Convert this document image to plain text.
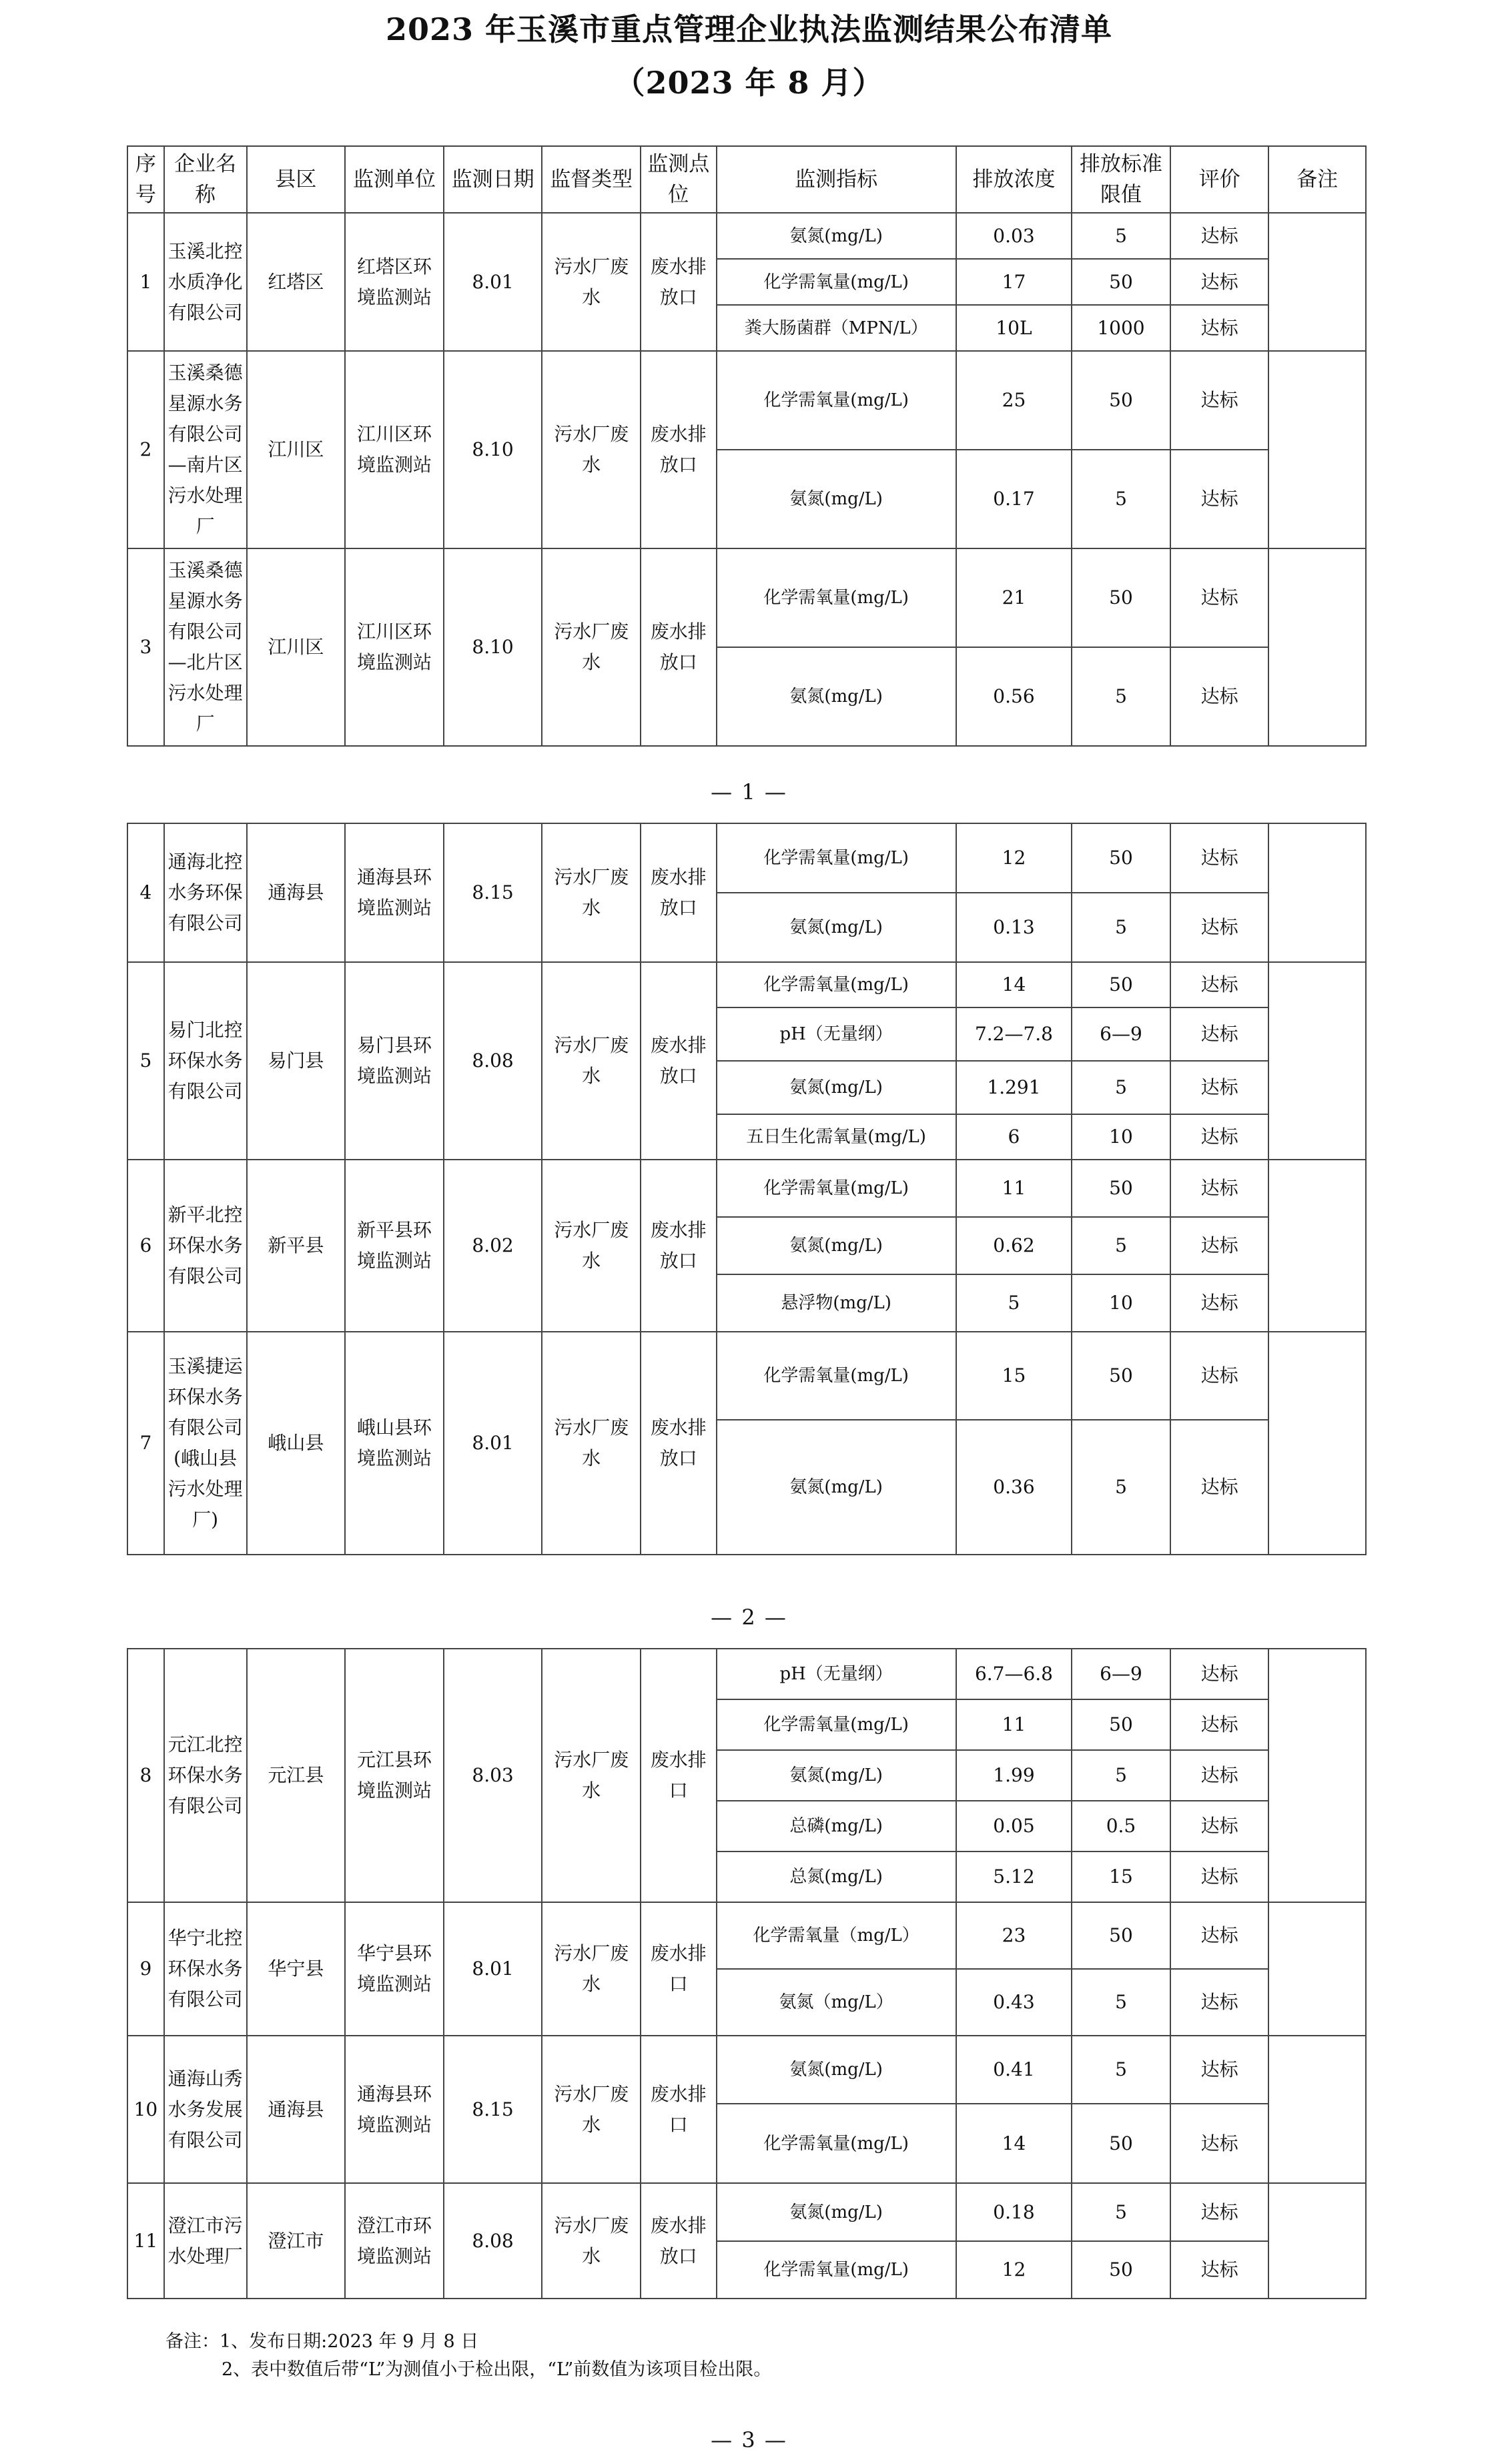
2023 年玉溪市重点管理企业执法监测结果公布清单
（2023 年 8 月）
序号	企业名称	县区	监测单位	监测日期	监督类型	监测点位	监测指标	排放浓度	排放标准限值	评价	备注
1	玉溪北控水质净化有限公司	红塔区	红塔区环境监测站	8.01	污水厂废水	废水排放口	氨氮(mg/L)	0.03	5	达标	
							化学需氧量(mg/L)	17	50	达标	
							粪大肠菌群（MPN/L）	10L	1000	达标	
2	玉溪桑德星源水务有限公司—南片区污水处理厂	江川区	江川区环境监测站	8.10	污水厂废水	废水排放口	化学需氧量(mg/L)	25	50	达标	
							氨氮(mg/L)	0.17	5	达标	
3	玉溪桑德星源水务有限公司—北片区污水处理厂	江川区	江川区环境监测站	8.10	污水厂废水	废水排放口	化学需氧量(mg/L)	21	50	达标	
							氨氮(mg/L)	0.56	5	达标	
— 1 —
4	通海北控水务环保有限公司	通海县	通海县环境监测站	8.15	污水厂废水	废水排放口	化学需氧量(mg/L)	12	50	达标	
							氨氮(mg/L)	0.13	5	达标	
5	易门北控环保水务有限公司	易门县	易门县环境监测站	8.08	污水厂废水	废水排放口	化学需氧量(mg/L)	14	50	达标	
							pH（无量纲）	7.2—7.8	6—9	达标	
							氨氮(mg/L)	1.291	5	达标	
							五日生化需氧量(mg/L)	6	10	达标	
6	新平北控环保水务有限公司	新平县	新平县环境监测站	8.02	污水厂废水	废水排放口	化学需氧量(mg/L)	11	50	达标	
							氨氮(mg/L)	0.62	5	达标	
							悬浮物(mg/L)	5	10	达标	
7	玉溪捷运环保水务有限公司(峨山县污水处理厂)	峨山县	峨山县环境监测站	8.01	污水厂废水	废水排放口	化学需氧量(mg/L)	15	50	达标	
							氨氮(mg/L)	0.36	5	达标	
— 2 —
8	元江北控环保水务有限公司	元江县	元江县环境监测站	8.03	污水厂废水	废水排口	pH（无量纲）	6.7—6.8	6—9	达标	
							化学需氧量(mg/L)	11	50	达标	
							氨氮(mg/L)	1.99	5	达标	
							总磷(mg/L)	0.05	0.5	达标	
							总氮(mg/L)	5.12	15	达标	
9	华宁北控环保水务有限公司	华宁县	华宁县环境监测站	8.01	污水厂废水	废水排口	化学需氧量（mg/L）	23	50	达标	
							氨氮（mg/L）	0.43	5	达标	
10	通海山秀水务发展有限公司	通海县	通海县环境监测站	8.15	污水厂废水	废水排口	氨氮(mg/L)	0.41	5	达标	
							化学需氧量(mg/L)	14	50	达标	
11	澄江市污水处理厂	澄江市	澄江市环境监测站	8.08	污水厂废水	废水排放口	氨氮(mg/L)	0.18	5	达标	
							化学需氧量(mg/L)	12	50	达标	
备注：1、发布日期:2023 年 9 月 8 日
2、表中数值后带“L”为测值小于检出限，“L”前数值为该项目检出限。
— 3 —
